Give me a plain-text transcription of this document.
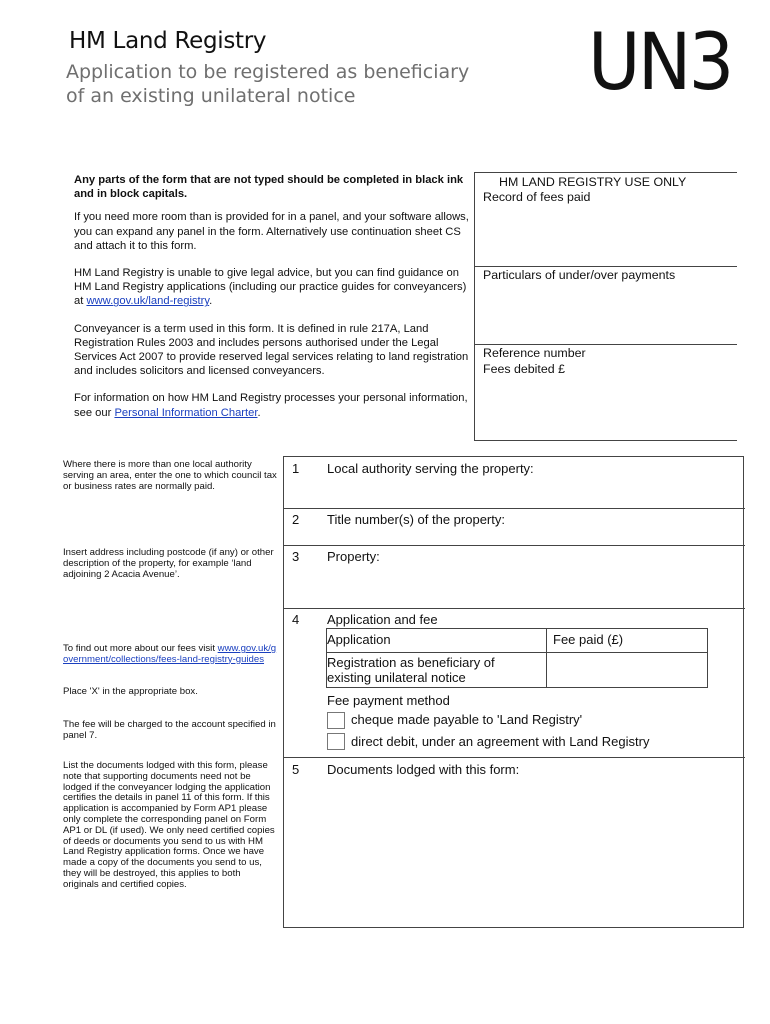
HM Land Registry
Application to be registered as beneficiary
of an existing unilateral notice	UN3

Any parts of the form that are not typed should be completed in black ink and in block capitals.

If you need more room than is provided for in a panel, and your software allows, you can expand any panel in the form. Alternatively use continuation sheet CS and attach it to this form.

HM Land Registry is unable to give legal advice, but you can find guidance on HM Land Registry applications (including our practice guides for conveyancers) at www.gov.uk/land-registry.

Conveyancer is a term used in this form. It is defined in rule 217A, Land Registration Rules 2003 and includes persons authorised under the Legal Services Act 2007 to provide reserved legal services relating to land registration and includes solicitors and licensed conveyancers.

For information on how HM Land Registry processes your personal information, see our Personal Information Charter.

HM LAND REGISTRY USE ONLY
Record of fees paid
Particulars of under/over payments
Reference number
Fees debited £
Where there is more than one local authority serving an area, enter the one to which council tax or business rates are normally paid.
Insert address including postcode (if any) or other description of the property, for example ‘land adjoining 2 Acacia Avenue’.
To find out more about our fees visit www.gov.uk/government/collections/fees-land-registry-guides
Place 'X' in the appropriate box.
The fee will be charged to the account specified in panel 7.
List the documents lodged with this form, please note that supporting documents need not be lodged if the conveyancer lodging the application certifies the details in panel 11 of this form. If this application is accompanied by Form AP1 please only complete the corresponding panel on Form AP1 or DL (if used). We only need certified copies of deeds or documents you send to us with HM Land Registry application forms. Once we have made a copy of the documents you send to us, they will be destroyed, this applies to both originals and certified copies.
1 Local authority serving the property:
2 Title number(s) of the property:
3 Property:
4 Application and fee
Fee payment method
5 Documents lodged with this form:
Application	Fee paid (£)
Registration as beneficiary of
existing unilateral notice
cheque made payable to 'Land Registry'
direct debit, under an agreement with Land Registry
